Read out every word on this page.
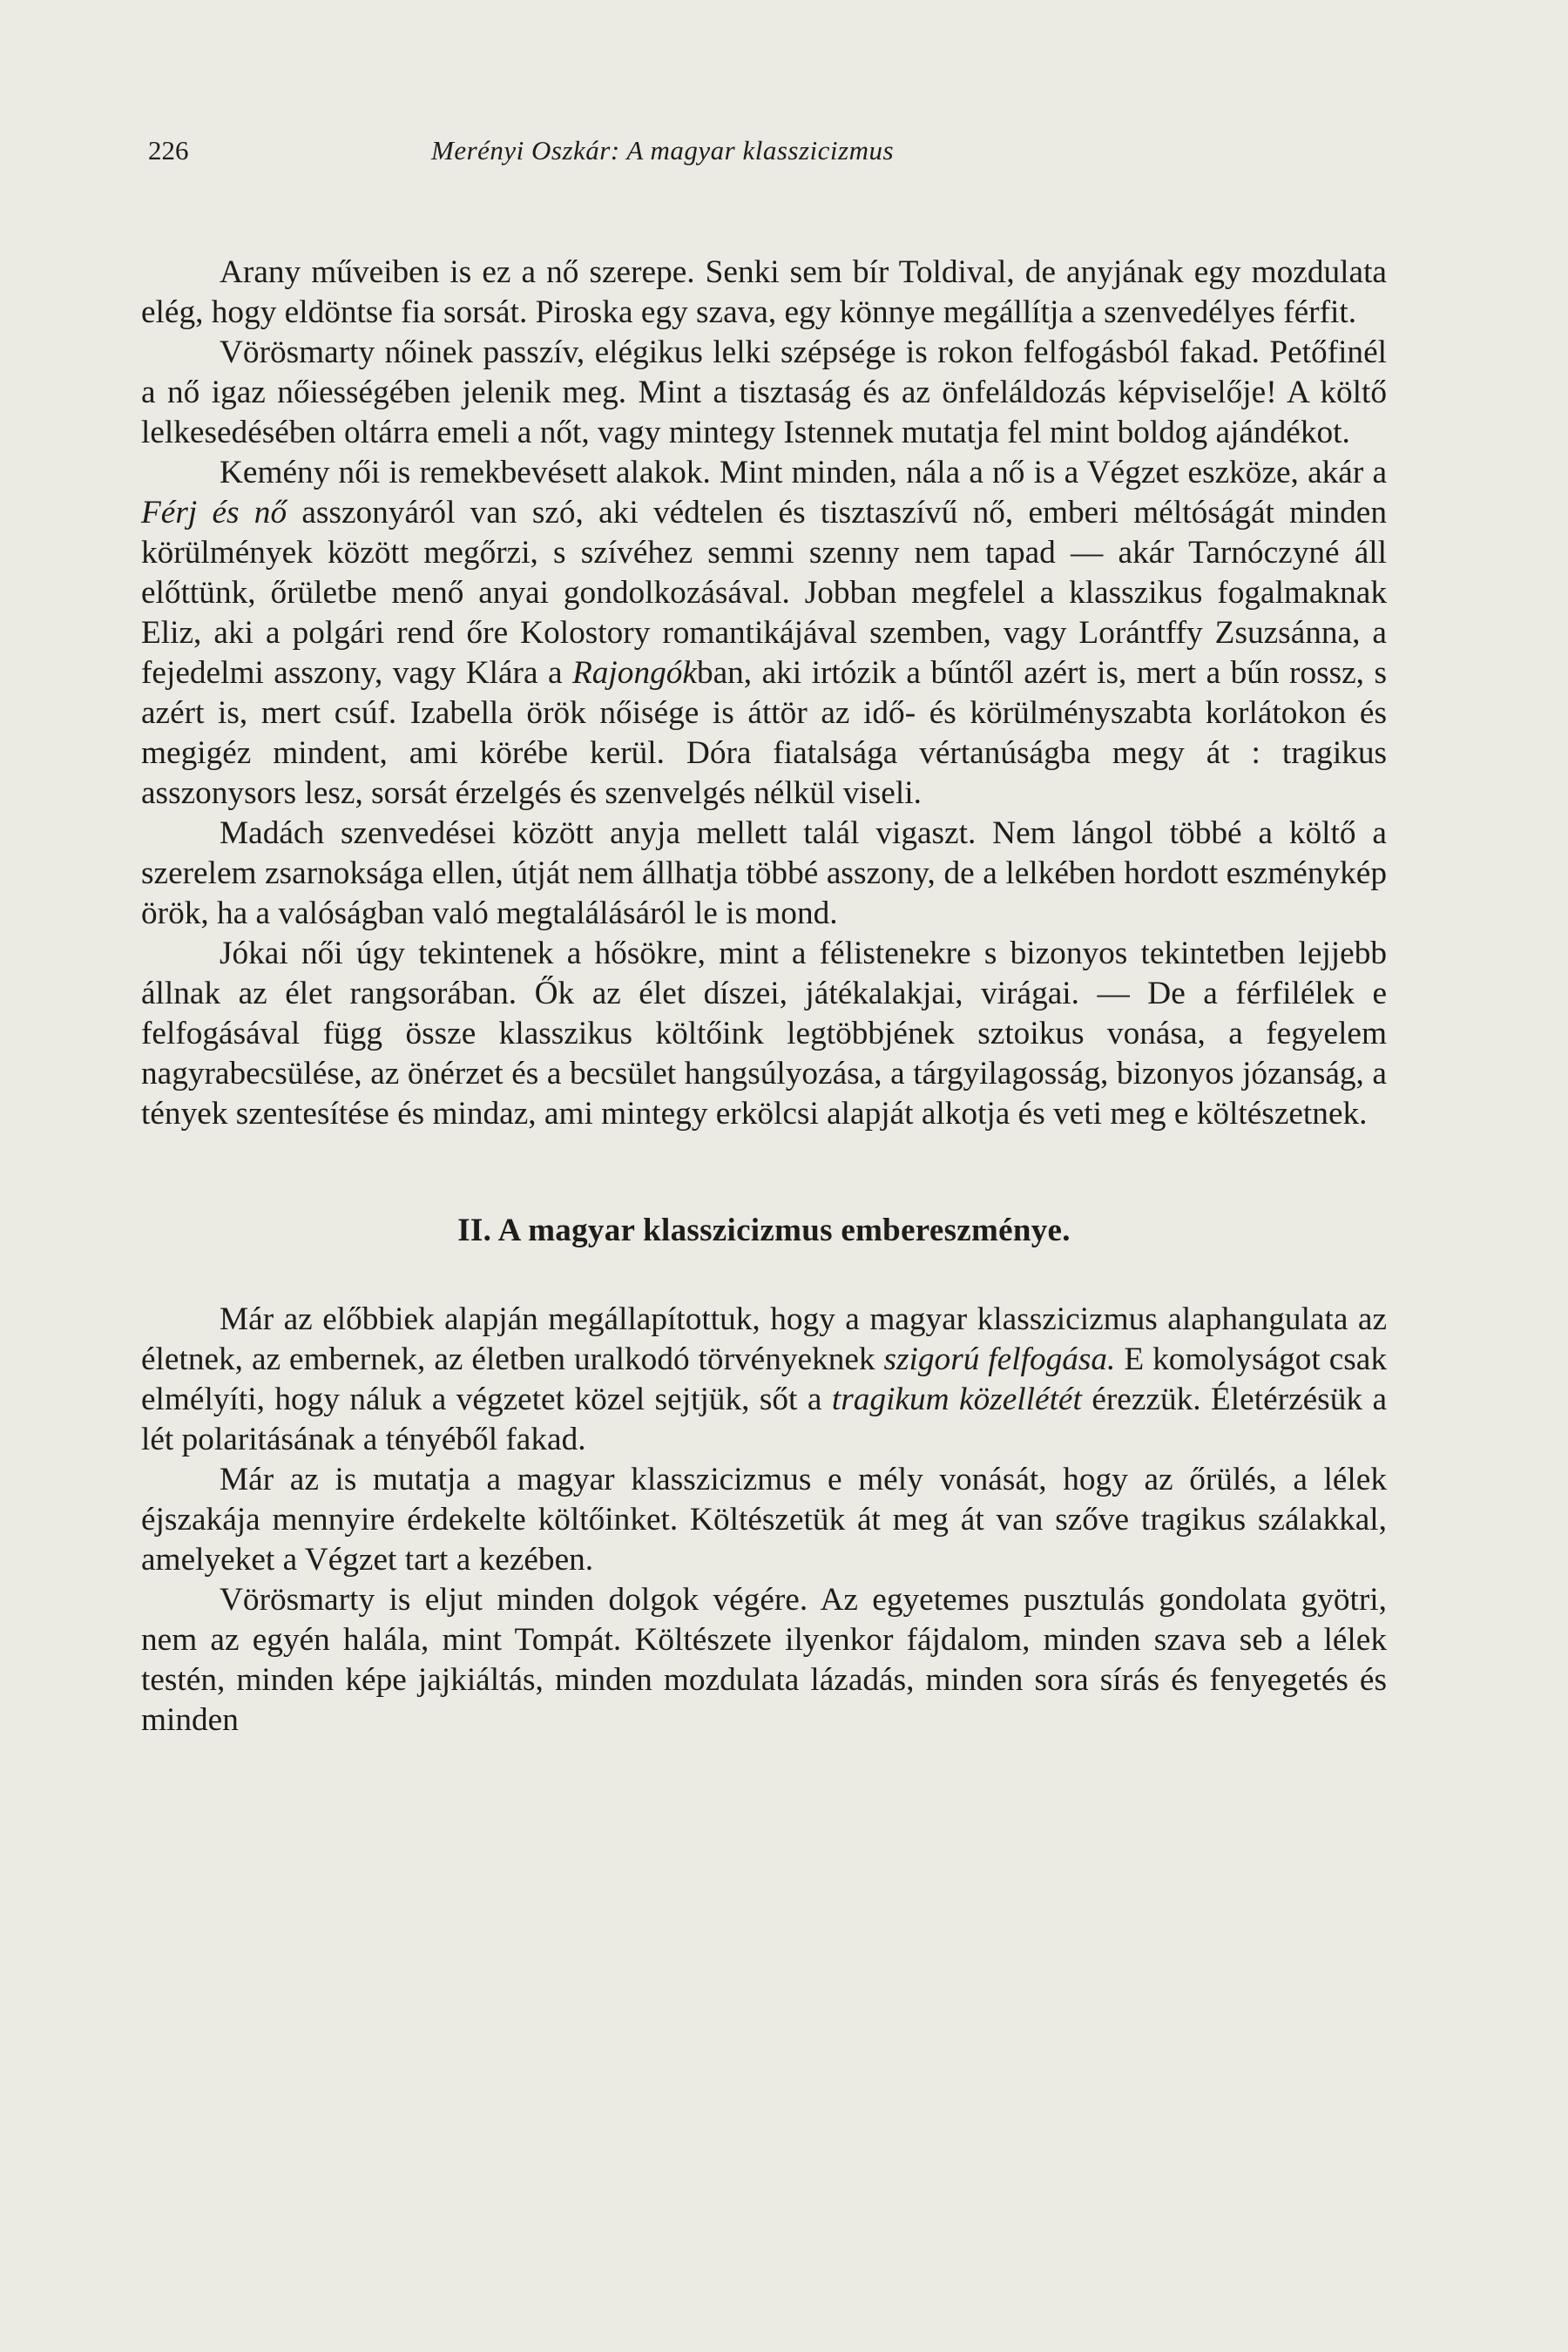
226	Merényi Oszkár: A magyar klasszicizmus

Arany műveiben is ez a nő szerepe. Senki sem bír Toldival, de anyjának egy mozdulata elég, hogy eldöntse fia sorsát. Piroska egy szava, egy könnye megállítja a szenvedélyes férfit.

Vörösmarty nőinek passzív, elégikus lelki szépsége is rokon felfogásból fakad. Petőfinél a nő igaz nőiességében jelenik meg. Mint a tisztaság és az önfeláldozás képviselője! A költő lelkesedésében oltárra emeli a nőt, vagy mintegy Istennek mutatja fel mint boldog ajándékot.

Kemény női is remekbevésett alakok. Mint minden, nála a nő is a Végzet eszköze, akár a Férj és nő asszonyáról van szó, aki védtelen és tisztaszívű nő, emberi méltóságát minden körülmények között megőrzi, s szívéhez semmi szenny nem tapad — akár Tarnóczyné áll előttünk, őrületbe menő anyai gondolkozásával. Jobban megfelel a klasszikus fogalmaknak Eliz, aki a polgári rend őre Kolostory romantikájával szemben, vagy Lorántffy Zsuzsánna, a fejedelmi asszony, vagy Klára a Rajongókban, aki irtózik a bűntől azért is, mert a bűn rossz, s azért is, mert csúf. Izabella örök nőisége is áttör az idő- és körülményszabta korlátokon és megigéz mindent, ami körébe kerül. Dóra fiatalsága vértanúságba megy át : tragikus asszonysors lesz, sorsát érzelgés és szenvelgés nélkül viseli.

Madách szenvedései között anyja mellett talál vigaszt. Nem lángol többé a költő a szerelem zsarnoksága ellen, útját nem állhatja többé asszony, de a lelkében hordott eszménykép örök, ha a valóságban való megtalálásáról le is mond.

Jókai női úgy tekintenek a hősökre, mint a félistenekre s bizonyos tekintetben lejjebb állnak az élet rangsorában. Ők az élet díszei, játékalakjai, virágai. — De a férfilélek e felfogásával függ össze klasszikus költőink legtöbbjének sztoikus vonása, a fegyelem nagyrabecsülése, az önérzet és a becsület hangsúlyozása, a tárgyilagosság, bizonyos józanság, a tények szentesítése és mindaz, ami mintegy erkölcsi alapját alkotja és veti meg e költészetnek.

II. A magyar klasszicizmus embereszménye.

Már az előbbiek alapján megállapítottuk, hogy a magyar klasszicizmus alaphangulata az életnek, az embernek, az életben uralkodó törvényeknek szigorú felfogása. E komolyságot csak elmélyíti, hogy náluk a végzetet közel sejtjük, sőt a tragikum közellétét érezzük. Életérzésük a lét polaritásának a tényéből fakad.

Már az is mutatja a magyar klasszicizmus e mély vonását, hogy az őrülés, a lélek éjszakája mennyire érdekelte költőinket. Költészetük át meg át van szőve tragikus szálakkal, amelyeket a Végzet tart a kezében.

Vörösmarty is eljut minden dolgok végére. Az egyetemes pusztulás gondolata gyötri, nem az egyén halála, mint Tompát. Költészete ilyenkor fájdalom, minden szava seb a lélek testén, minden képe jajkiáltás, minden mozdulata lázadás, minden sora sírás és fenyegetés és minden
